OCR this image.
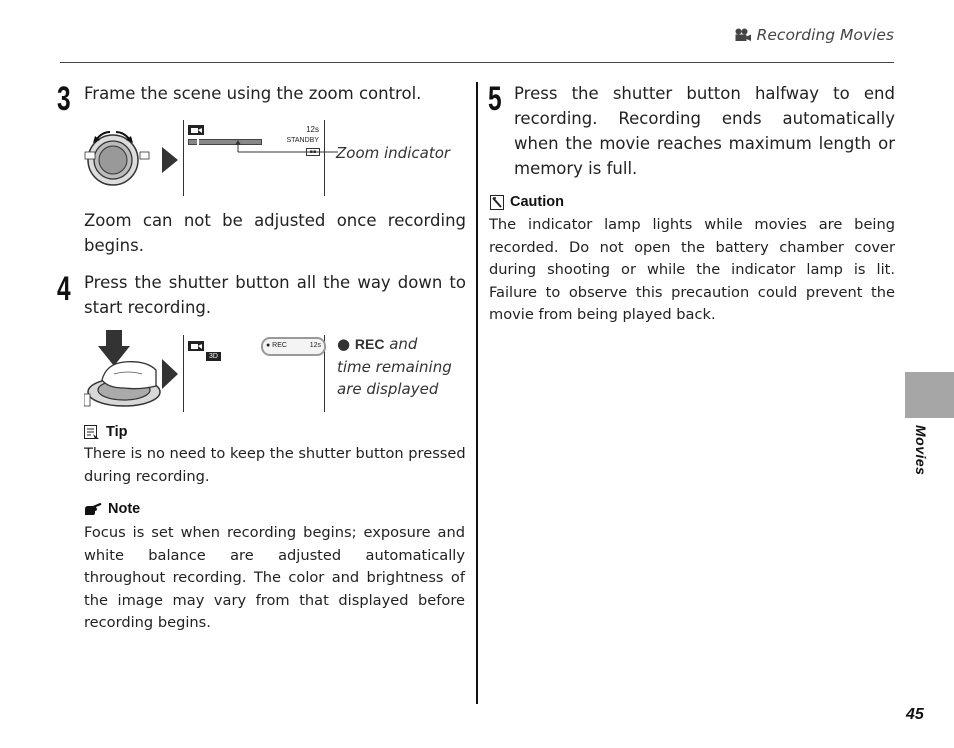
Recording Movies
3 Frame the scene using the zoom control.
12s
STANDBY
▪▪ Zoom indicator
Zoom can not be adjusted once recording begins.
4 Press the shutter button all the way down to start recording.
3D
● REC	12s ● REC and time remaining are displayed
Tip
There is no need to keep the shutter button pressed during recording.
Note
Focus is set when recording begins; exposure and white balance are adjusted automatically throughout recording. The color and brightness of the image may vary from that displayed before recording begins.
5 Press the shutter button halfway to end recording. Recording ends automatically when the movie reaches maximum length or memory is full.
Caution
The indicator lamp lights while movies are being recorded. Do not open the battery chamber cover during shooting or while the indicator lamp is lit. Failure to observe this precaution could prevent the movie from being played back.
Movies
45
